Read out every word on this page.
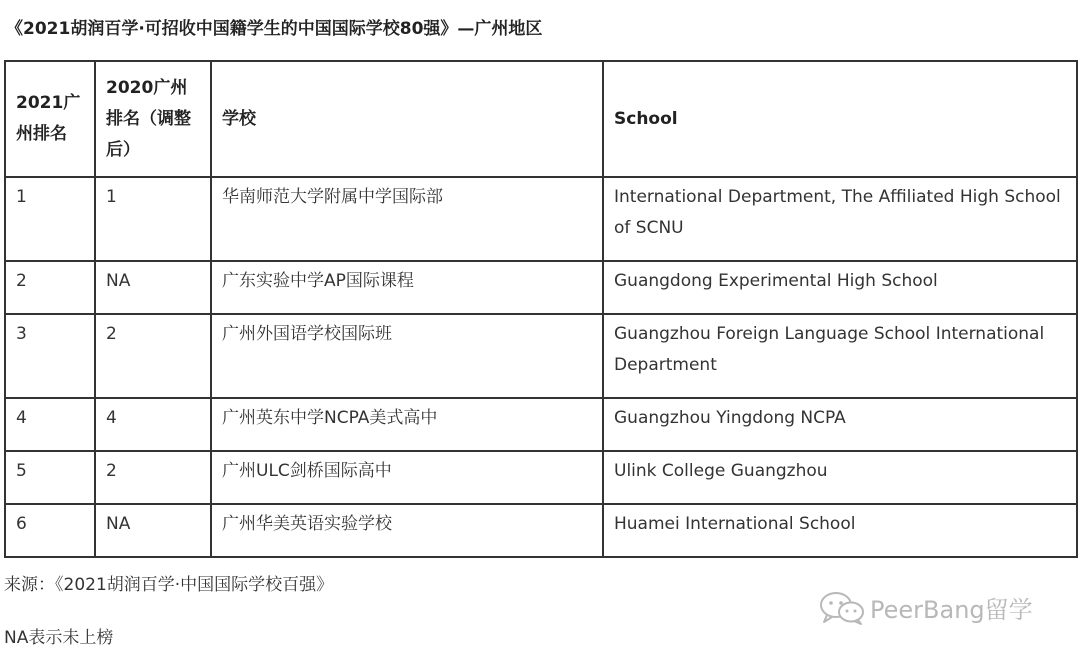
《2021胡润百学·可招收中国籍学生的中国国际学校80强》—广州地区
2021广州排名	2020广州排名（调整后）	学校	School
1	1	华南师范大学附属中学国际部	International Department, The Affiliated High School of SCNU
2	NA	广东实验中学AP国际课程	Guangdong Experimental High School
3	2	广州外国语学校国际班	Guangzhou Foreign Language School International Department
4	4	广州英东中学NCPA美式高中	Guangzhou Yingdong NCPA
5	2	广州ULC剑桥国际高中	Ulink College Guangzhou
6	NA	广州华美英语实验学校	Huamei International School
来源：《2021胡润百学·中国国际学校百强》
NA表示未上榜
PeerBang留学
